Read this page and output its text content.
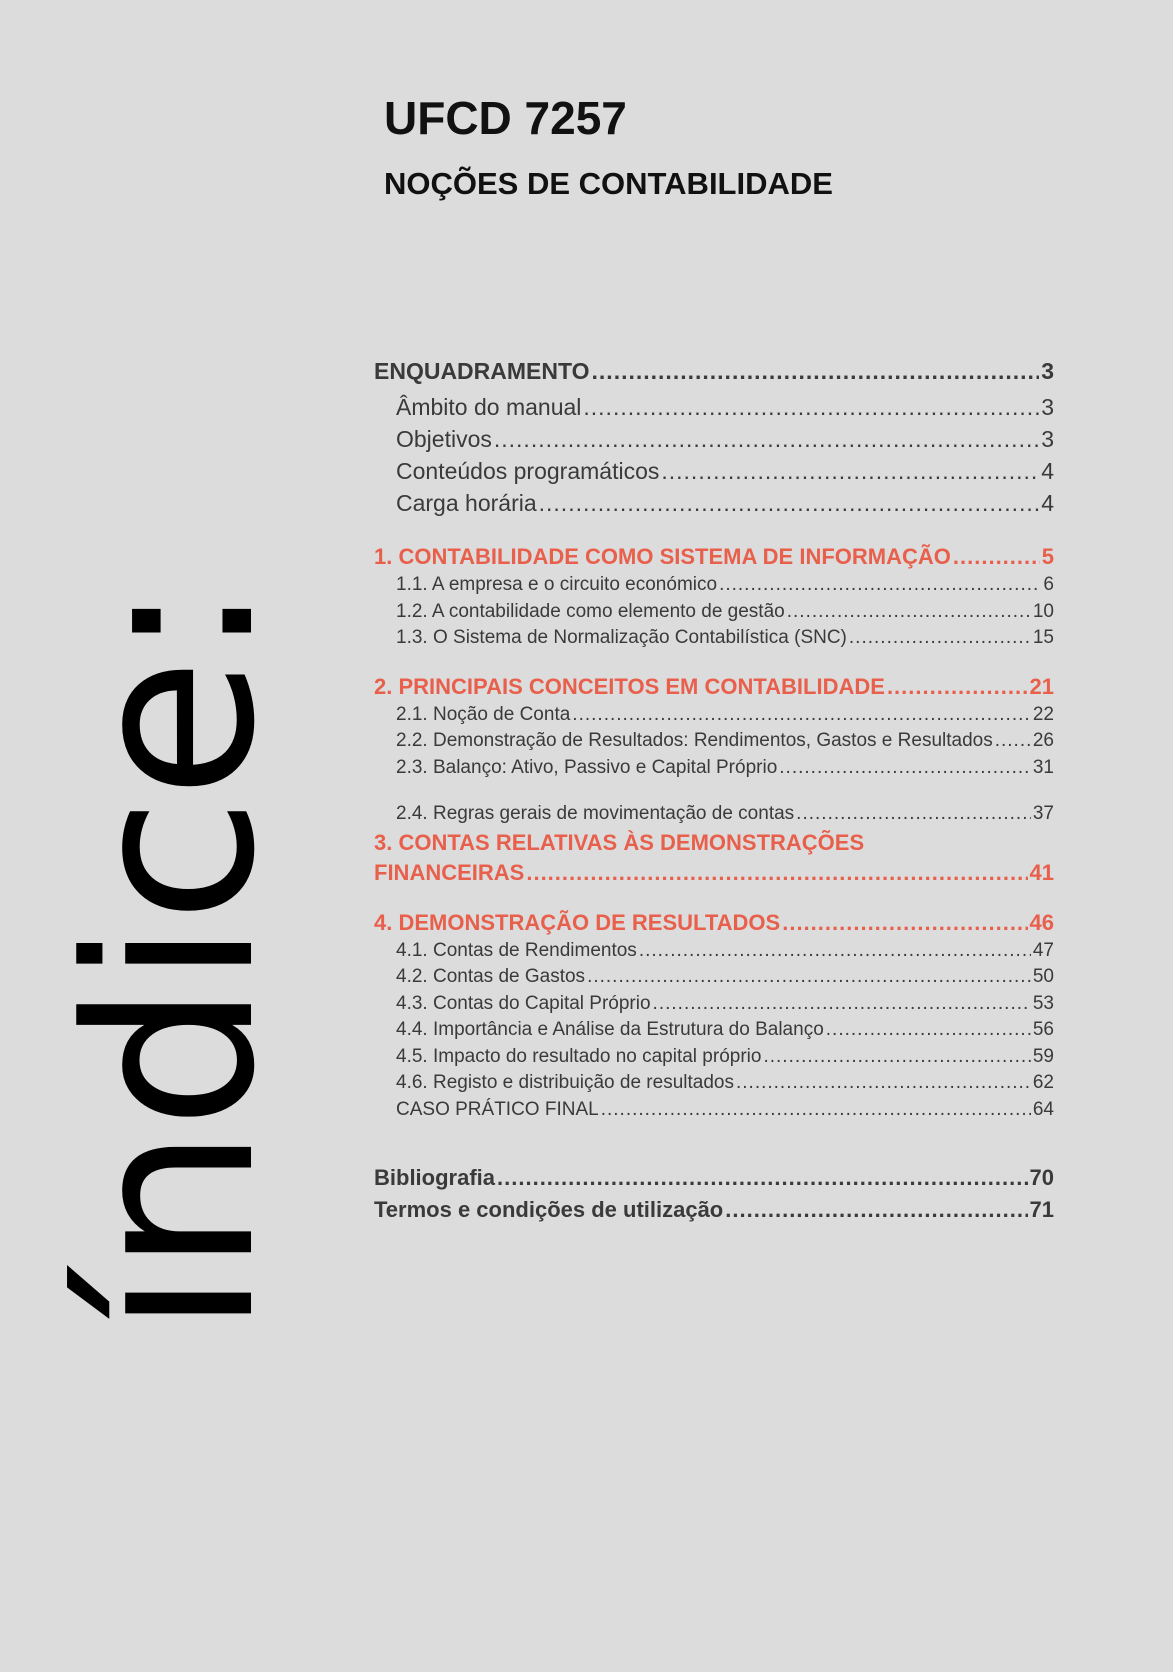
UFCD 7257
NOÇÕES DE CONTABILIDADE
índice:
ENQUADRAMENTO .....	3
Âmbito do manual .....	3
Objetivos .....	3
Conteúdos programáticos .....	4
Carga horária .....	4
1. CONTABILIDADE COMO SISTEMA DE INFORMAÇÃO .....	5
1.1. A empresa e o circuito económico .....	6
1.2. A contabilidade como elemento de gestão .....	10
1.3. O Sistema de Normalização Contabilística (SNC) .....	15
2. PRINCIPAIS CONCEITOS EM CONTABILIDADE .....	21
2.1. Noção de Conta .....	22
2.2. Demonstração de Resultados: Rendimentos, Gastos e Resultados ..... 26
2.3. Balanço: Ativo, Passivo e Capital Próprio .....	31
2.4. Regras gerais de movimentação de contas .....	37
3. CONTAS RELATIVAS ÀS DEMONSTRAÇÕES
FINANCEIRAS .....	41
4. DEMONSTRAÇÃO DE RESULTADOS .....	46
4.1. Contas de Rendimentos .....	47
4.2. Contas de Gastos .....	50
4.3. Contas do Capital Próprio .....	53
4.4. Importância e Análise da Estrutura do Balanço .....	56
4.5. Impacto do resultado no capital próprio .....	59
4.6. Registo e distribuição de resultados .....	62
CASO PRÁTICO FINAL .....	64
Bibliografia .....	70
Termos e condições de utilização .....	71
